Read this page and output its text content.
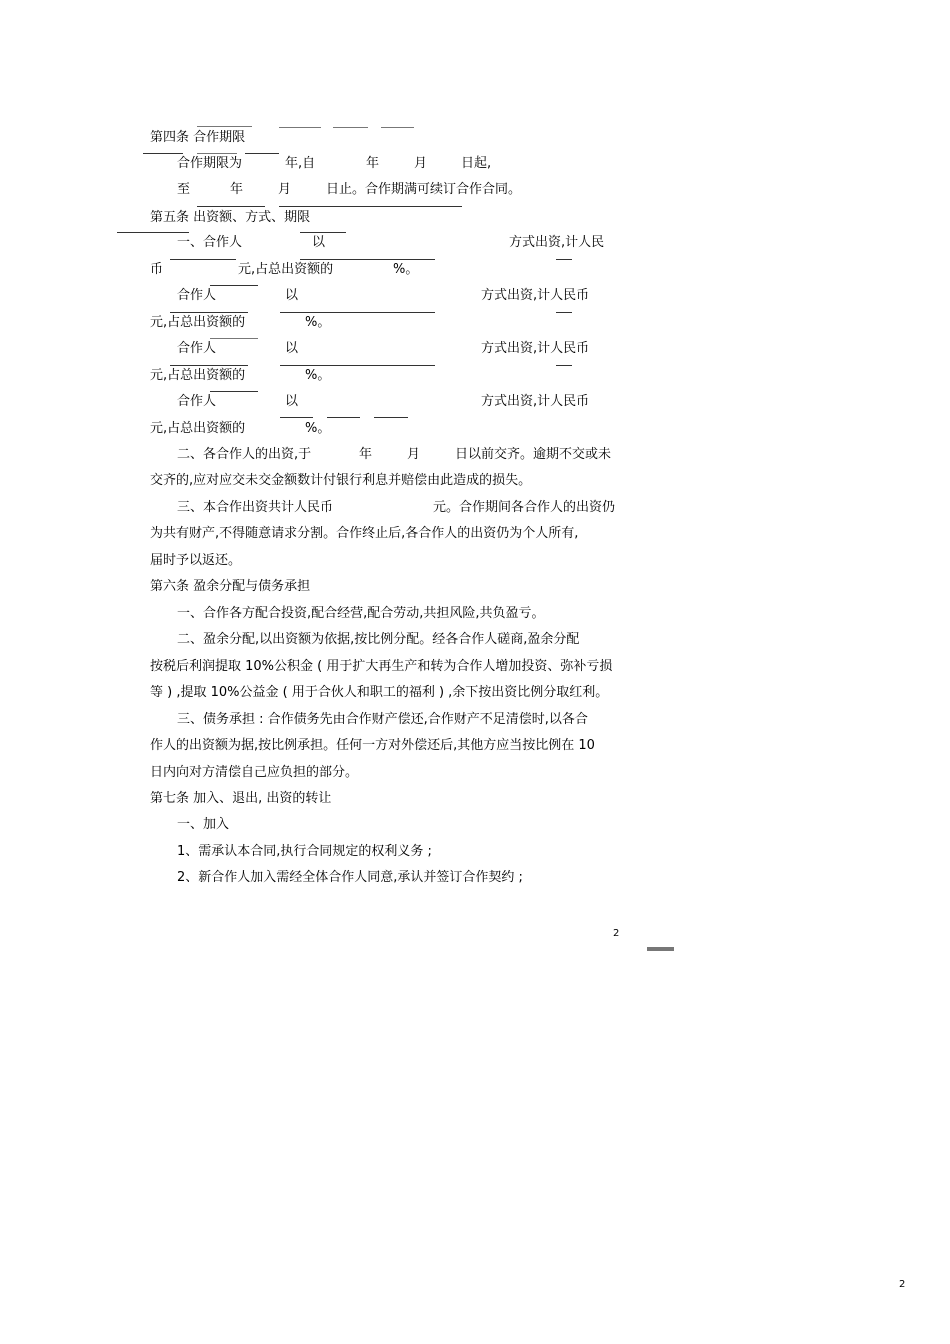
第四条 合作期限
合作期限为	年,自	年	月	日起,
至	年	月	日止。合作期满可续订合作合同。
第五条 出资额、方式、期限
一、合作人	以	方式出资,计人民
币	元,占总出资额的	%。
合作人	以	方式出资,计人民币
元,占总出资额的	%。
合作人	以	方式出资,计人民币
元,占总出资额的	%。
合作人	以	方式出资,计人民币
元,占总出资额的	%。
二、各合作人的出资,于	年	月	日以前交齐。逾期不交或未
交齐的,应对应交未交金额数计付银行利息并赔偿由此造成的损失。
三、本合作出资共计人民币	元。合作期间各合作人的出资仍
为共有财产,不得随意请求分割。合作终止后,各合作人的出资仍为个人所有,
届时予以返还。
第六条 盈余分配与债务承担
一、合作各方配合投资,配合经营,配合劳动,共担风险,共负盈亏。
二、盈余分配,以出资额为依据,按比例分配。经各合作人磋商,盈余分配
按税后利润提取 10%公积金 ( 用于扩大再生产和转为合作人增加投资、弥补亏损
等 ) ,提取 10%公益金 ( 用于合伙人和职工的福利 ) ,余下按出资比例分取红利。
三、债务承担 : 合作债务先由合作财产偿还,合作财产不足清偿时,以各合
作人的出资额为据,按比例承担。任何一方对外偿还后,其他方应当按比例在 10
日内向对方清偿自己应负担的部分。
第七条 加入、退出, 出资的转让
一、加入
1、需承认本合同,执行合同规定的权利义务 ;
2、新合作人加入需经全体合作人同意,承认并签订合作契约 ;
2
2
